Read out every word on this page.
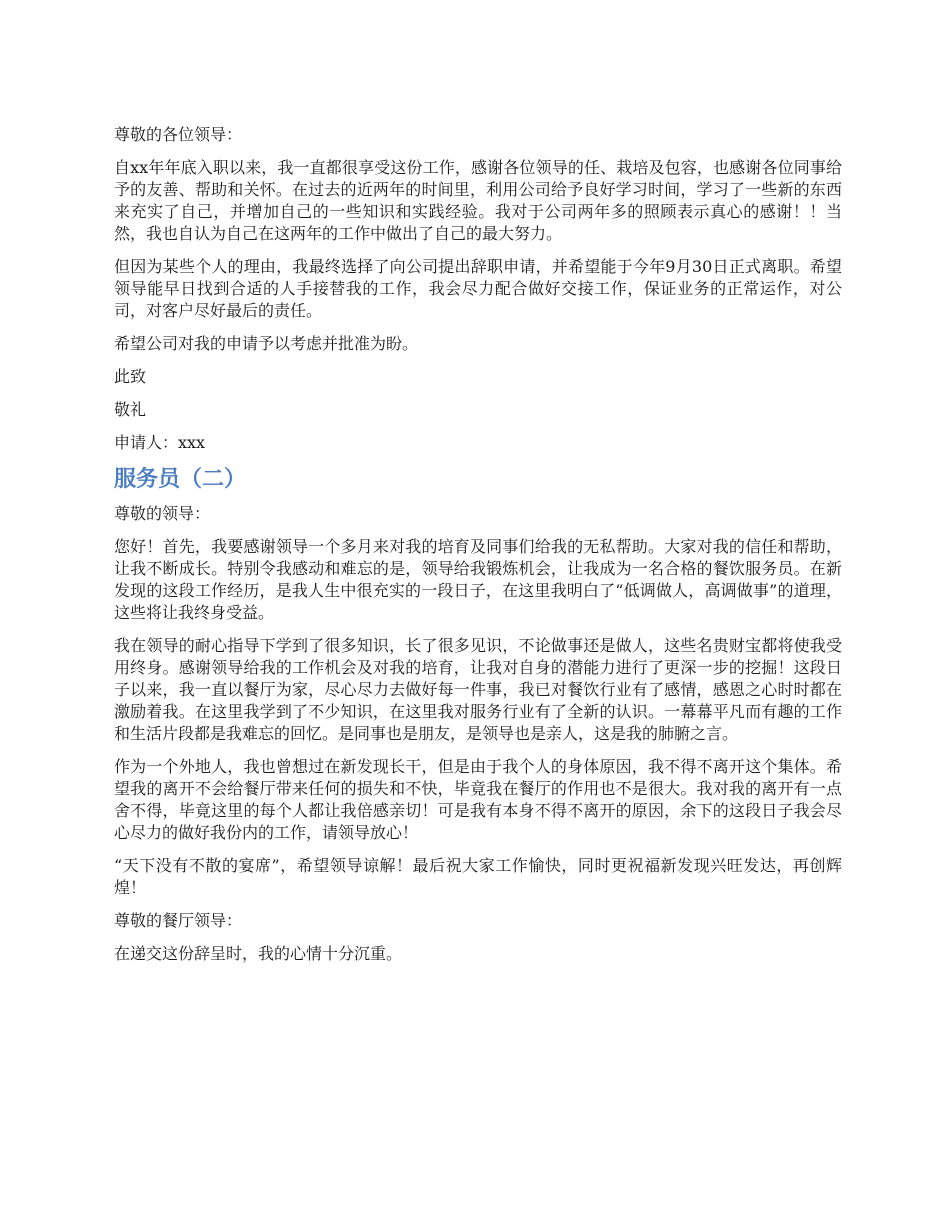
尊敬的各位领导：

自xx年年底入职以来，我一直都很享受这份工作，感谢各位领导的任、栽培及包容，也感谢各位同事给予的友善、帮助和关怀。在过去的近两年的时间里，利用公司给予良好学习时间，学习了一些新的东西来充实了自己，并增加自己的一些知识和实践经验。我对于公司两年多的照顾表示真心的感谢！！当然，我也自认为自己在这两年的工作中做出了自己的最大努力。

但因为某些个人的理由，我最终选择了向公司提出辞职申请，并希望能于今年9月30日正式离职。希望领导能早日找到合适的人手接替我的工作，我会尽力配合做好交接工作，保证业务的正常运作，对公司，对客户尽好最后的责任。

希望公司对我的申请予以考虑并批准为盼。

此致

敬礼

申请人：xxx

服务员（二）

尊敬的领导：

您好！首先，我要感谢领导一个多月来对我的培育及同事们给我的无私帮助。大家对我的信任和帮助，让我不断成长。特别令我感动和难忘的是，领导给我锻炼机会，让我成为一名合格的餐饮服务员。在新发现的这段工作经历，是我人生中很充实的一段日子，在这里我明白了“低调做人，高调做事”的道理，这些将让我终身受益。

我在领导的耐心指导下学到了很多知识，长了很多见识，不论做事还是做人，这些名贵财宝都将使我受用终身。感谢领导给我的工作机会及对我的培育，让我对自身的潜能力进行了更深一步的挖掘！这段日子以来，我一直以餐厅为家，尽心尽力去做好每一件事，我已对餐饮行业有了感情，感恩之心时时都在激励着我。在这里我学到了不少知识，在这里我对服务行业有了全新的认识。一幕幕平凡而有趣的工作和生活片段都是我难忘的回忆。是同事也是朋友，是领导也是亲人，这是我的肺腑之言。

作为一个外地人，我也曾想过在新发现长干，但是由于我个人的身体原因，我不得不离开这个集体。希望我的离开不会给餐厅带来任何的损失和不快，毕竟我在餐厅的作用也不是很大。我对我的离开有一点舍不得，毕竟这里的每个人都让我倍感亲切！可是我有本身不得不离开的原因，余下的这段日子我会尽心尽力的做好我份内的工作，请领导放心！

“天下没有不散的宴席”，希望领导谅解！最后祝大家工作愉快，同时更祝福新发现兴旺发达，再创辉煌！

尊敬的餐厅领导：

在递交这份辞呈时，我的心情十分沉重。
